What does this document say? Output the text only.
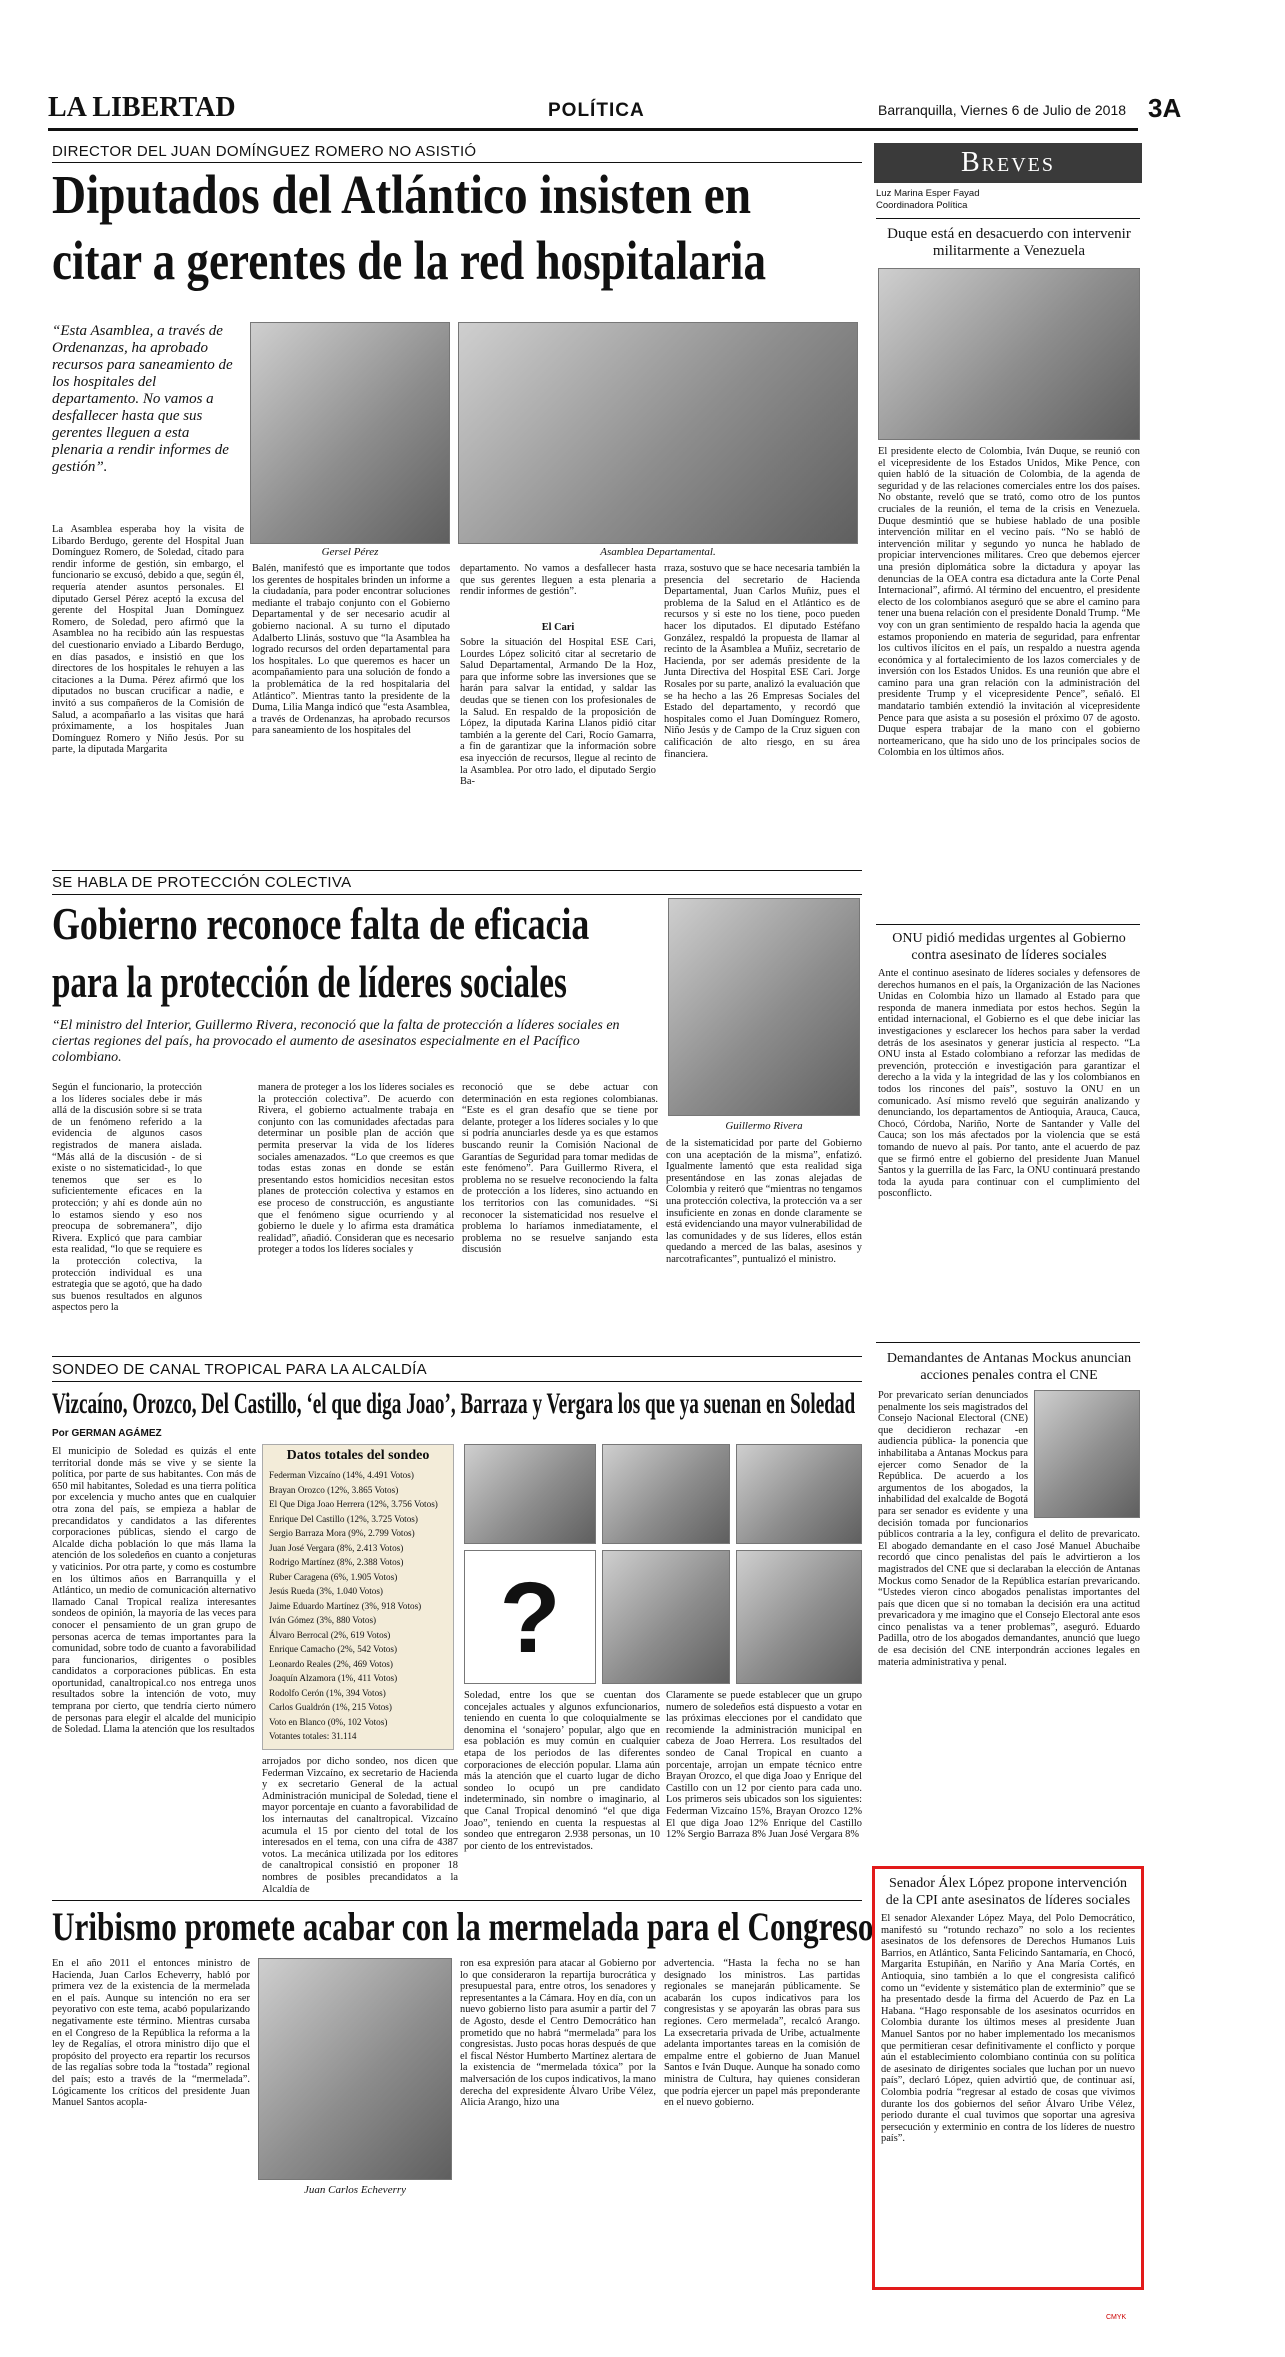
LA LIBERTAD	POLÍTICA	Barranquilla, Viernes 6 de Julio de 2018 3A
DIRECTOR DEL JUAN DOMÍNGUEZ ROMERO NO ASISTIÓ
Diputados del Atlántico insisten en
citar a gerentes de la red hospitalaria
“Esta Asamblea, a través de Ordenanzas, ha aprobado recursos para saneamiento de los hospitales del departamento. No vamos a desfallecer hasta que sus gerentes lleguen a esta plenaria a rendir informes de gestión”.
Gersel Pérez	Asamblea Departamental.
La Asamblea esperaba hoy la visita de Libardo Berdugo, gerente del Hospital Juan Domínguez Romero, de Soledad, citado para rendir informe de gestión, sin embargo, el funcionario se excusó, debido a que, según él, requería atender asuntos personales. El diputado Gersel Pérez aceptó la excusa del gerente del Hospital Juan Domínguez Romero, de Soledad, pero afirmó que la Asamblea no ha recibido aún las respuestas del cuestionario enviado a Libardo Berdugo, en días pasados, e insistió en que los directores de los hospitales le rehuyen a las citaciones a la Duma. Pérez afirmó que los diputados no buscan crucificar a nadie, e invitó a sus compañeros de la Comisión de Salud, a acompañarlo a las visitas que hará próximamente, a los hospitales Juan Domínguez Romero y Niño Jesús. Por su parte, la diputada Margarita
Balén, manifestó que es importante que todos los gerentes de hospitales brinden un informe a la ciudadanía, para poder encontrar soluciones mediante el trabajo conjunto con el Gobierno Departamental y de ser necesario acudir al gobierno nacional. A su turno el diputado Adalberto Llinás, sostuvo que “la Asamblea ha logrado recursos del orden departamental para los hospitales. Lo que queremos es hacer un acompañamiento para una solución de fondo a la problemática de la red hospitalaria del Atlántico”. Mientras tanto la presidente de la Duma, Lilia Manga indicó que “esta Asamblea, a través de Ordenanzas, ha aprobado recursos para saneamiento de los hospitales del
departamento. No vamos a desfallecer hasta que sus gerentes lleguen a esta plenaria a rendir informes de gestión”.
El Cari
Sobre la situación del Hospital ESE Cari, Lourdes López solicitó citar al secretario de Salud Departamental, Armando De la Hoz, para que informe sobre las inversiones que se harán para salvar la entidad, y saldar las deudas que se tienen con los profesionales de la Salud. En respaldo de la proposición de López, la diputada Karina Llanos pidió citar también a la gerente del Cari, Rocío Gamarra, a fin de garantizar que la información sobre esa inyección de recursos, llegue al recinto de la Asamblea. Por otro lado, el diputado Sergio Ba-
rraza, sostuvo que se hace necesaria también la presencia del secretario de Hacienda Departamental, Juan Carlos Muñiz, pues el problema de la Salud en el Atlántico es de recursos y si este no los tiene, poco pueden hacer los diputados. El diputado Estéfano González, respaldó la propuesta de llamar al recinto de la Asamblea a Muñiz, secretario de Hacienda, por ser además presidente de la Junta Directiva del Hospital ESE Cari. Jorge Rosales por su parte, analizó la evaluación que se ha hecho a las 26 Empresas Sociales del Estado del departamento, y recordó que hospitales como el Juan Domínguez Romero, Niño Jesús y de Campo de la Cruz siguen con calificación de alto riesgo, en su área financiera.
SE HABLA DE PROTECCIÓN COLECTIVA
Gobierno reconoce falta de eficacia
para la protección de líderes sociales
“El ministro del Interior, Guillermo Rivera, reconoció que la falta de protección a líderes sociales en ciertas regiones del país, ha provocado el aumento de asesinatos especialmente en el Pacífico colombiano.
Guillermo Rivera
Según el funcionario, la protección a los líderes sociales debe ir más allá de la discusión sobre si se trata de un fenómeno referido a la evidencia de algunos casos registrados de manera aislada. “Más allá de la discusión - de si existe o no sistematicidad-, lo que tenemos que ser es lo suficientemente eficaces en la protección; y ahí es donde aún no lo estamos siendo y eso nos preocupa de sobremanera”, dijo Rivera. Explicó que para cambiar esta realidad, “lo que se requiere es la protección colectiva, la protección individual es una estrategia que se agotó, que ha dado sus buenos resultados en algunos aspectos pero la
manera de proteger a los los líderes sociales es la protección colectiva”. De acuerdo con Rivera, el gobierno actualmente trabaja en conjunto con las comunidades afectadas para determinar un posible plan de acción que permita preservar la vida de los líderes sociales amenazados. “Lo que creemos es que todas estas zonas en donde se están presentando estos homicidios necesitan estos planes de protección colectiva y estamos en ese proceso de construcción, es angustiante que el fenómeno sigue ocurriendo y al gobierno le duele y lo afirma esta dramática realidad”, añadió. Consideran que es necesario proteger a todos los líderes sociales y
reconoció que se debe actuar con determinación en esta regiones colombianas. “Este es el gran desafío que se tiene por delante, proteger a los líderes sociales y lo que si podría anunciarles desde ya es que estamos buscando reunir la Comisión Nacional de Garantías de Seguridad para tomar medidas de este fenómeno”. Para Guillermo Rivera, el problema no se resuelve reconociendo la falta de protección a los líderes, sino actuando en los territorios con las comunidades. “Si reconocer la sistematicidad nos resuelve el problema lo haríamos inmediatamente, el problema no se resuelve sanjando esta discusión
de la sistematicidad por parte del Gobierno con una aceptación de la misma”, enfatizó. Igualmente lamentó que esta realidad siga presentándose en las zonas alejadas de Colombia y reiteró que “mientras no tengamos una protección colectiva, la protección va a ser insuficiente en zonas en donde claramente se está evidenciando una mayor vulnerabilidad de las comunidades y de sus líderes, ellos están quedando a merced de las balas, asesinos y narcotraficantes”, puntualizó el ministro.
SONDEO DE CANAL TROPICAL PARA LA ALCALDÍA
Vizcaíno, Orozco, Del Castillo, ‘el que diga Joao’, Barraza y Vergara los que ya suenan en Soledad
Por GERMAN AGÁMEZ
El municipio de Soledad es quizás el ente territorial donde más se vive y se siente la política, por parte de sus habitantes. Con más de 650 mil habitantes, Soledad es una tierra política por excelencia y mucho antes que en cualquier otra zona del país, se empieza a hablar de precandidatos y candidatos a las diferentes corporaciones públicas, siendo el cargo de Alcalde dicha población lo que más llama la atención de los soledeños en cuanto a conjeturas y vaticinios. Por otra parte, y como es costumbre en los últimos años en Barranquilla y el Atlántico, un medio de comunicación alternativo llamado Canal Tropical realiza interesantes sondeos de opinión, la mayoría de las veces para conocer el pensamiento de un gran grupo de personas acerca de temas importantes para la comunidad, sobre todo de cuanto a favorabilidad para funcionarios, dirigentes o posibles candidatos a corporaciones públicas. En esta oportunidad, canaltropical.co nos entrega unos resultados sobre la intención de voto, muy temprana por cierto, que tendría cierto número de personas para elegir el alcalde del municipio de Soledad. Llama la atención que los resultados
Datos totales del sondeo
Federman Vizcaíno (14%, 4.491 Votos)
Brayan Orozco (12%, 3.865 Votos)
El Que Diga Joao Herrera (12%, 3.756 Votos)
Enrique Del Castillo (12%, 3.725 Votos)
Sergio Barraza Mora (9%, 2.799 Votos)
Juan José Vergara (8%, 2.413 Votos)
Rodrigo Martínez (8%, 2.388 Votos)
Ruber Caragena (6%, 1.905 Votos)
Jesús Rueda (3%, 1.040 Votos)
Jaime Eduardo Martínez (3%, 918 Votos)
Iván Gómez (3%, 880 Votos)
Álvaro Berrocal (2%, 619 Votos)
Enrique Camacho (2%, 542 Votos)
Leonardo Reales (2%, 469 Votos)
Joaquín Alzamora (1%, 411 Votos)
Rodolfo Cerón (1%, 394 Votos)
Carlos Gualdrón (1%, 215 Votos)
Voto en Blanco (0%, 102 Votos)
Votantes totales: 31.114
arrojados por dicho sondeo, nos dicen que Federman Vizcaíno, ex secretario de Hacienda y ex secretario General de la actual Administración municipal de Soledad, tiene el mayor porcentaje en cuanto a favorabilidad de los internautas del canaltropical. Vizcaíno acumula el 15 por ciento del total de los interesados en el tema, con una cifra de 4387 votos. La mecánica utilizada por los editores de canaltropical consistió en proponer 18 nombres de posibles precandidatos a la Alcaldía de
?
Soledad, entre los que se cuentan dos concejales actuales y algunos exfuncionarios, teniendo en cuenta lo que coloquialmente se denomina el ‘sonajero’ popular, algo que en esa población es muy común en cualquier etapa de los periodos de las diferentes corporaciones de elección popular. Llama aún más la atención que el cuarto lugar de dicho sondeo lo ocupó un pre candidato indeterminado, sin nombre o imaginario, al que Canal Tropical denominó “el que diga Joao”, teniendo en cuenta la respuestas al sondeo que entregaron 2.938 personas, un 10 por ciento de los entrevistados.
Claramente se puede establecer que un grupo numero de soledeños está dispuesto a votar en las próximas elecciones por el candidato que recomiende la administración municipal en cabeza de Joao Herrera. Los resultados del sondeo de Canal Tropical en cuanto a porcentaje, arrojan un empate técnico entre Brayan Orozco, el que diga Joao y Enrique del Castillo con un 12 por ciento para cada uno. Los primeros seis ubicados son los siguientes: Federman Vizcaíno 15%, Brayan Orozco 12% El que diga Joao 12% Enrique del Castillo 12% Sergio Barraza 8% Juan José Vergara 8%
Uribismo promete acabar con la mermelada para el Congreso
En el año 2011 el entonces ministro de Hacienda, Juan Carlos Echeverry, habló por primera vez de la existencia de la mermelada en el país. Aunque su intención no era ser peyorativo con este tema, acabó popularizando negativamente este término. Mientras cursaba en el Congreso de la República la reforma a la ley de Regalías, el otrora ministro dijo que el propósito del proyecto era repartir los recursos de las regalías sobre toda la “tostada” regional del país; esto a través de la “mermelada”. Lógicamente los críticos del presidente Juan Manuel Santos acopla-
Juan Carlos Echeverry
ron esa expresión para atacar al Gobierno por lo que consideraron la repartija burocrática y presupuestal para, entre otros, los senadores y representantes a la Cámara. Hoy en día, con un nuevo gobierno listo para asumir a partir del 7 de Agosto, desde el Centro Democrático han prometido que no habrá “mermelada” para los congresistas. Justo pocas horas después de que el fiscal Néstor Humberto Martínez alertara de la existencia de “mermelada tóxica” por la malversación de los cupos indicativos, la mano derecha del expresidente Álvaro Uribe Vélez, Alicia Arango, hizo una
advertencia. “Hasta la fecha no se han designado los ministros. Las partidas regionales se manejarán públicamente. Se acabarán los cupos indicativos para los congresistas y se apoyarán las obras para sus regiones. Cero mermelada”, recalcó Arango. La exsecretaria privada de Uribe, actualmente adelanta importantes tareas en la comisión de empalme entre el gobierno de Juan Manuel Santos e Iván Duque. Aunque ha sonado como ministra de Cultura, hay quienes consideran que podría ejercer un papel más preponderante en el nuevo gobierno.
Breves
Luz Marina Esper Fayad
Coordinadora Política
Duque está en desacuerdo con intervenir militarmente a Venezuela
El presidente electo de Colombia, Iván Duque, se reunió con el vicepresidente de los Estados Unidos, Mike Pence, con quien habló de la situación de Colombia, de la agenda de seguridad y de las relaciones comerciales entre los dos países. No obstante, reveló que se trató, como otro de los puntos cruciales de la reunión, el tema de la crisis en Venezuela. Duque desmintió que se hubiese hablado de una posible intervención militar en el vecino país. “No se habló de intervención militar y segundo yo nunca he hablado de propiciar intervenciones militares. Creo que debemos ejercer una presión diplomática sobre la dictadura y apoyar las denuncias de la OEA contra esa dictadura ante la Corte Penal Internacional”, afirmó. Al término del encuentro, el presidente electo de los colombianos aseguró que se abre el camino para tener una buena relación con el presidente Donald Trump. “Me voy con un gran sentimiento de respaldo hacia la agenda que estamos proponiendo en materia de seguridad, para enfrentar los cultivos ilícitos en el país, un respaldo a nuestra agenda económica y al fortalecimiento de los lazos comerciales y de inversión con los Estados Unidos. Es una reunión que abre el camino para una gran relación con la administración del presidente Trump y el vicepresidente Pence”, señaló. El mandatario también extendió la invitación al vicepresidente Pence para que asista a su posesión el próximo 07 de agosto. Duque espera trabajar de la mano con el gobierno norteamericano, que ha sido uno de los principales socios de Colombia en los últimos años.
ONU pidió medidas urgentes al Gobierno contra asesinato de líderes sociales
Ante el continuo asesinato de líderes sociales y defensores de derechos humanos en el país, la Organización de las Naciones Unidas en Colombia hizo un llamado al Estado para que responda de manera inmediata por estos hechos. Según la entidad internacional, el Gobierno es el que debe iniciar las investigaciones y esclarecer los hechos para saber la verdad detrás de los asesinatos y generar justicia al respecto. “La ONU insta al Estado colombiano a reforzar las medidas de prevención, protección e investigación para garantizar el derecho a la vida y la integridad de las y los colombianos en todos los rincones del país”, sostuvo la ONU en un comunicado. Así mismo reveló que seguirán analizando y denunciando, los departamentos de Antioquia, Arauca, Cauca, Chocó, Córdoba, Nariño, Norte de Santander y Valle del Cauca; son los más afectados por la violencia que se está tomando de nuevo al país. Por tanto, ante el acuerdo de paz que se firmó entre el gobierno del presidente Juan Manuel Santos y la guerrilla de las Farc, la ONU continuará prestando toda la ayuda para continuar con el cumplimiento del posconflicto.
Demandantes de Antanas Mockus anuncian acciones penales contra el CNE
Por prevaricato serían denunciados penalmente los seis magistrados del Consejo Nacional Electoral (CNE) que decidieron rechazar -en audiencia pública- la ponencia que inhabilitaba a Antanas Mockus para ejercer como Senador de la República. De acuerdo a los argumentos de los abogados, la inhabilidad del exalcalde de Bogotá para ser senador es evidente y una decisión tomada por funcionarios públicos contraria a la ley, configura el delito de prevaricato. El abogado demandante en el caso José Manuel Abuchaibe recordó que cinco penalistas del país le advirtieron a los magistrados del CNE que si declaraban la elección de Antanas Mockus como Senador de la República estarían prevaricando. “Ustedes vieron cinco abogados penalistas importantes del país que dicen que si no tomaban la decisión era una actitud prevaricadora y me imagino que el Consejo Electoral ante esos cinco penalistas va a tener problemas”, aseguró. Eduardo Padilla, otro de los abogados demandantes, anunció que luego de esa decisión del CNE interpondrán acciones legales en materia administrativa y penal.
Senador Álex López propone intervención de la CPI ante asesinatos de líderes sociales
El senador Alexander López Maya, del Polo Democrático, manifestó su “rotundo rechazo” no solo a los recientes asesinatos de los defensores de Derechos Humanos Luis Barrios, en Atlántico, Santa Felicindo Santamaría, en Chocó, Margarita Estupiñán, en Nariño y Ana María Cortés, en Antioquia, sino también a lo que el congresista calificó como un “evidente y sistemático plan de exterminio” que se ha presentado desde la firma del Acuerdo de Paz en La Habana. “Hago responsable de los asesinatos ocurridos en Colombia durante los últimos meses al presidente Juan Manuel Santos por no haber implementado los mecanismos que permitieran cesar definitivamente el conflicto y porque aún el establecimiento colombiano continúa con su política de asesinato de dirigentes sociales que luchan por un nuevo país”, declaró López, quien advirtió que, de continuar así, Colombia podría “regresar al estado de cosas que vivimos durante los dos gobiernos del señor Álvaro Uribe Vélez, periodo durante el cual tuvimos que soportar una agresiva persecución y exterminio en contra de los líderes de nuestro país”.
CMYK
